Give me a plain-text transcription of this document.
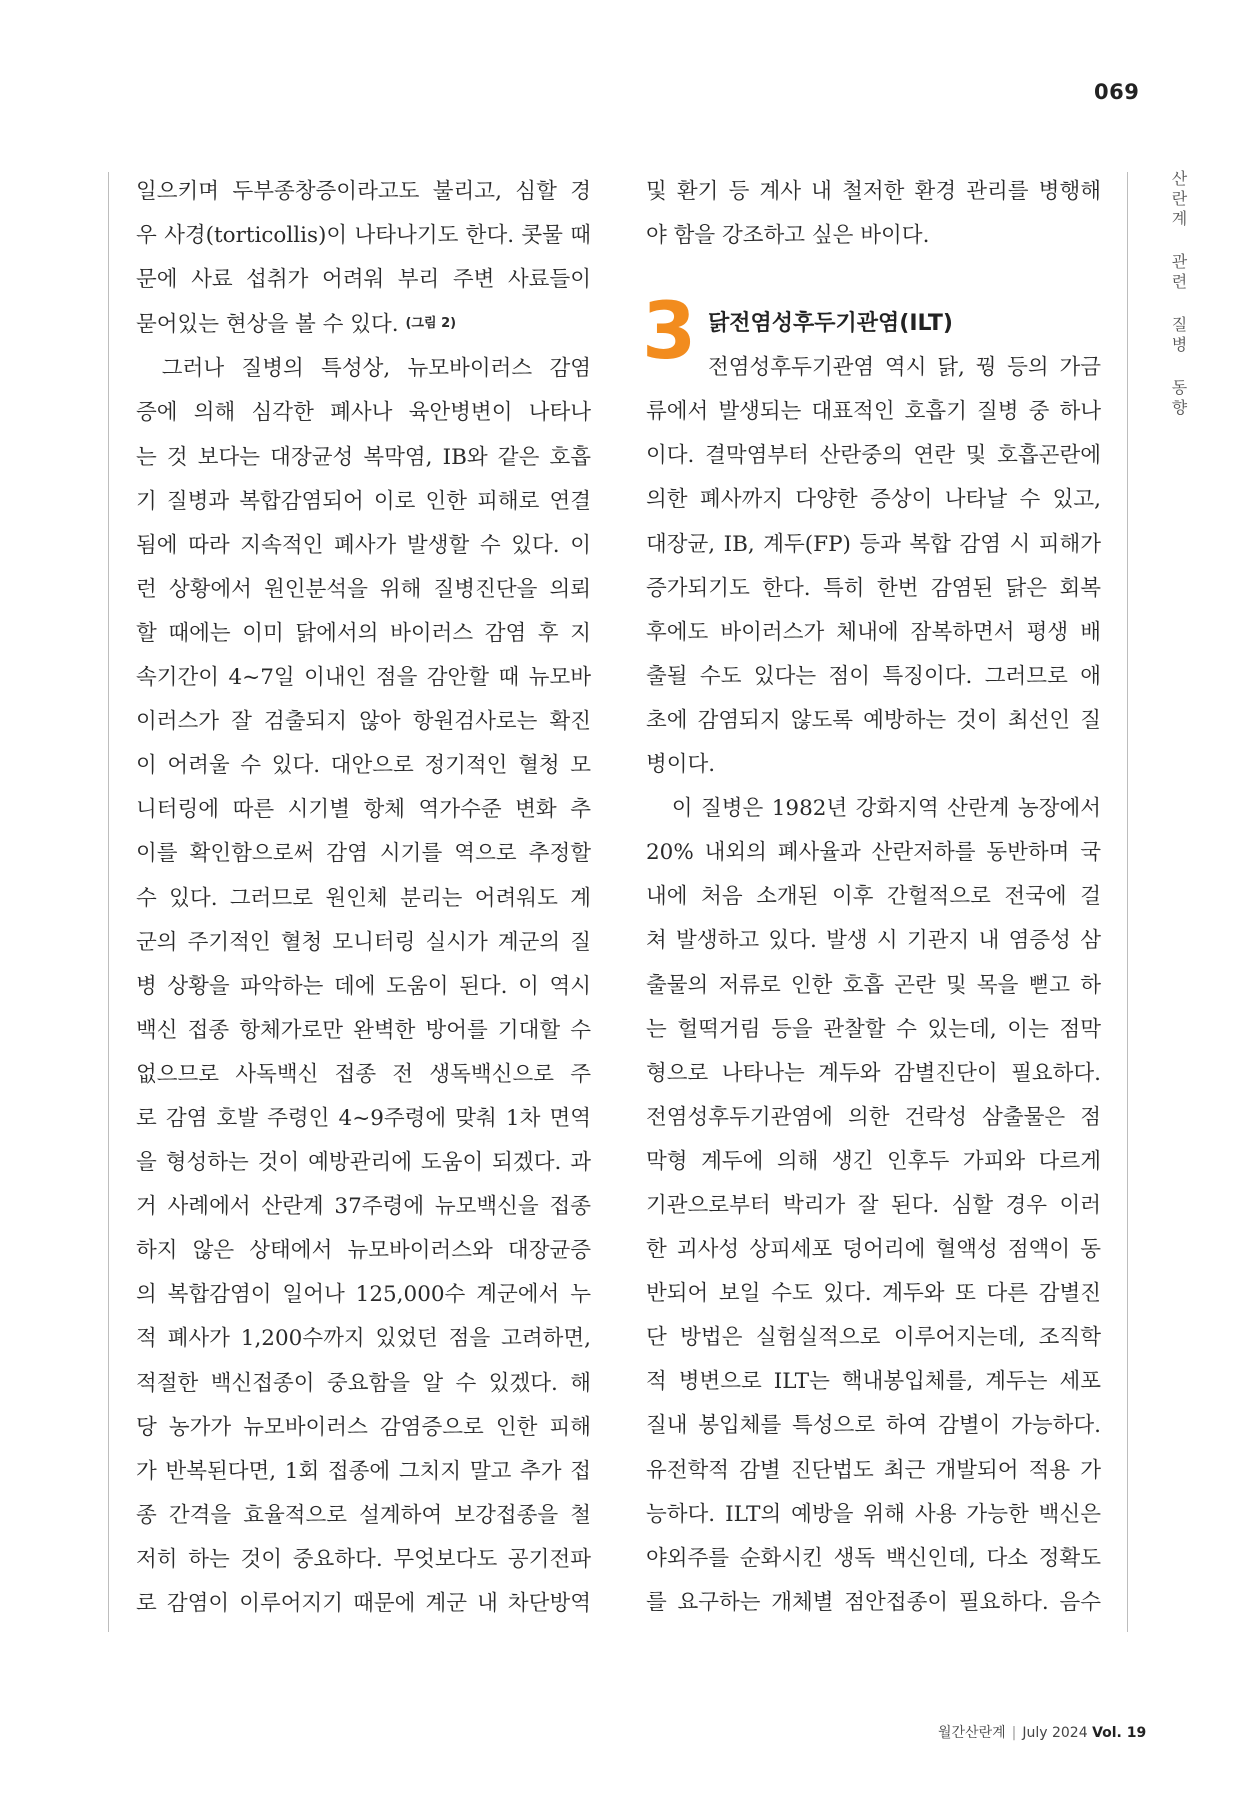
069
산란계 관련 질병 동향

일으키며 두부종창증이라고도 불리고, 심할 경

우 사경(torticollis)이 나타나기도 한다. 콧물 때

문에 사료 섭취가 어려워 부리 주변 사료들이

묻어있는 현상을 볼 수 있다. (그림 2)

그러나 질병의 특성상, 뉴모바이러스 감염

증에 의해 심각한 폐사나 육안병변이 나타나

는 것 보다는 대장균성 복막염, IB와 같은 호흡

기 질병과 복합감염되어 이로 인한 피해로 연결

됨에 따라 지속적인 폐사가 발생할 수 있다. 이

런 상황에서 원인분석을 위해 질병진단을 의뢰

할 때에는 이미 닭에서의 바이러스 감염 후 지

속기간이 4~7일 이내인 점을 감안할 때 뉴모바

이러스가 잘 검출되지 않아 항원검사로는 확진

이 어려울 수 있다. 대안으로 정기적인 혈청 모

니터링에 따른 시기별 항체 역가수준 변화 추

이를 확인함으로써 감염 시기를 역으로 추정할

수 있다. 그러므로 원인체 분리는 어려워도 계

군의 주기적인 혈청 모니터링 실시가 계군의 질

병 상황을 파악하는 데에 도움이 된다. 이 역시

백신 접종 항체가로만 완벽한 방어를 기대할 수

없으므로 사독백신 접종 전 생독백신으로 주

로 감염 호발 주령인 4~9주령에 맞춰 1차 면역

을 형성하는 것이 예방관리에 도움이 되겠다. 과

거 사례에서 산란계 37주령에 뉴모백신을 접종

하지 않은 상태에서 뉴모바이러스와 대장균증

의 복합감염이 일어나 125,000수 계군에서 누

적 폐사가 1,200수까지 있었던 점을 고려하면,

적절한 백신접종이 중요함을 알 수 있겠다. 해

당 농가가 뉴모바이러스 감염증으로 인한 피해

가 반복된다면, 1회 접종에 그치지 말고 추가 접

종 간격을 효율적으로 설계하여 보강접종을 철

저히 하는 것이 중요하다. 무엇보다도 공기전파

로 감염이 이루어지기 때문에 계군 내 차단방역

및 환기 등 계사 내 철저한 환경 관리를 병행해

야 함을 강조하고 싶은 바이다.

3 닭전염성후두기관염(ILT)

전염성후두기관염 역시 닭, 꿩 등의 가금

류에서 발생되는 대표적인 호흡기 질병 중 하나

이다. 결막염부터 산란중의 연란 및 호흡곤란에

의한 폐사까지 다양한 증상이 나타날 수 있고,

대장균, IB, 계두(FP) 등과 복합 감염 시 피해가

증가되기도 한다. 특히 한번 감염된 닭은 회복

후에도 바이러스가 체내에 잠복하면서 평생 배

출될 수도 있다는 점이 특징이다. 그러므로 애

초에 감염되지 않도록 예방하는 것이 최선인 질

병이다.

이 질병은 1982년 강화지역 산란계 농장에서

20% 내외의 폐사율과 산란저하를 동반하며 국

내에 처음 소개된 이후 간헐적으로 전국에 걸

쳐 발생하고 있다. 발생 시 기관지 내 염증성 삼

출물의 저류로 인한 호흡 곤란 및 목을 뻗고 하

는 헐떡거림 등을 관찰할 수 있는데, 이는 점막

형으로 나타나는 계두와 감별진단이 필요하다.

전염성후두기관염에 의한 건락성 삼출물은 점

막형 계두에 의해 생긴 인후두 가피와 다르게

기관으로부터 박리가 잘 된다. 심할 경우 이러

한 괴사성 상피세포 덩어리에 혈액성 점액이 동

반되어 보일 수도 있다. 계두와 또 다른 감별진

단 방법은 실험실적으로 이루어지는데, 조직학

적 병변으로 ILT는 핵내봉입체를, 계두는 세포

질내 봉입체를 특성으로 하여 감별이 가능하다.

유전학적 감별 진단법도 최근 개발되어 적용 가

능하다. ILT의 예방을 위해 사용 가능한 백신은

야외주를 순화시킨 생독 백신인데, 다소 정확도

를 요구하는 개체별 점안접종이 필요하다. 음수

월간산란계 | July 2024 Vol. 19
